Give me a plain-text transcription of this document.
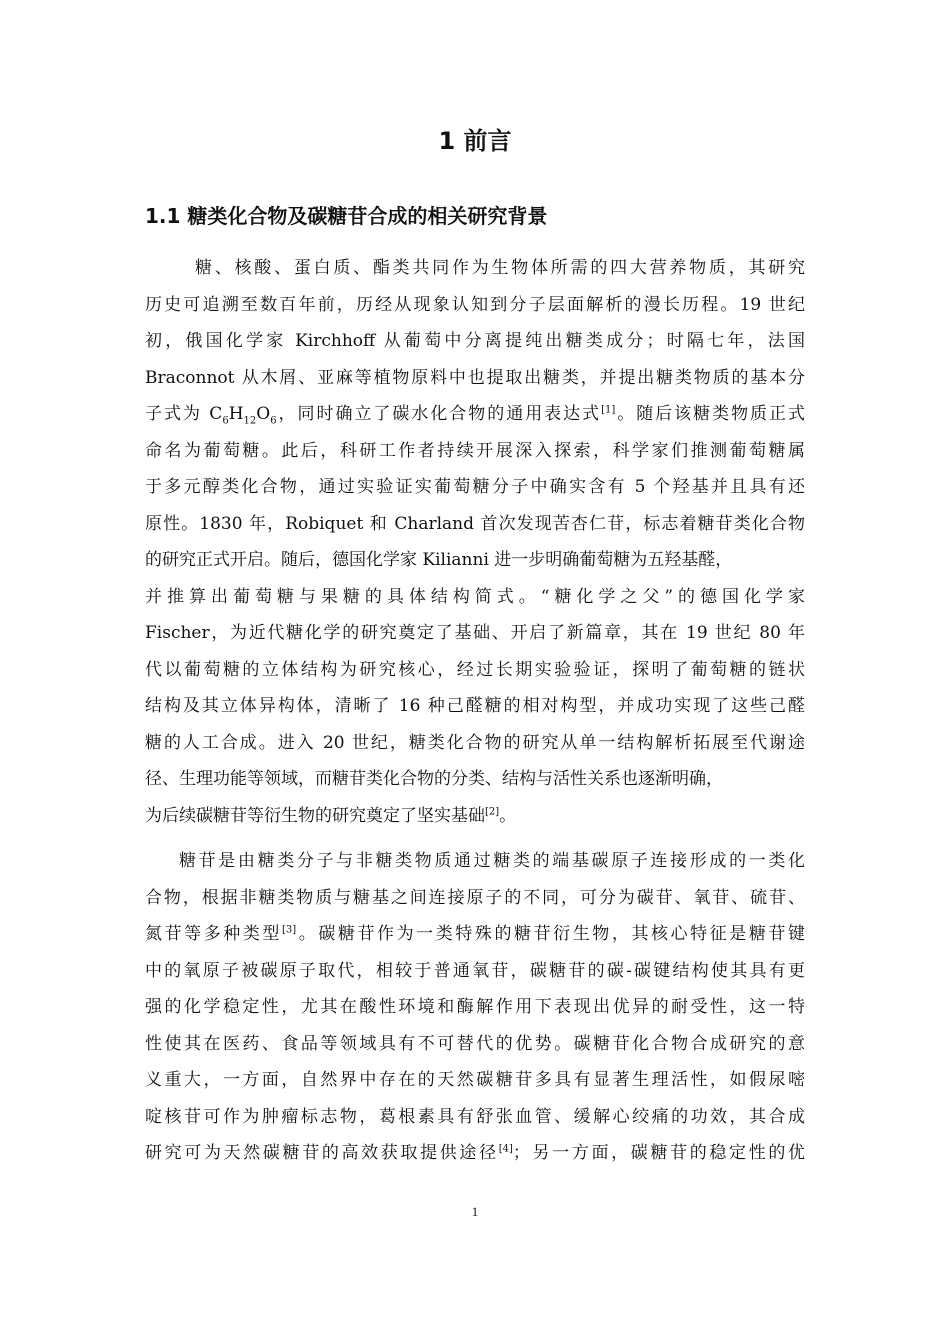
1 前言
1.1 糖类化合物及碳糖苷合成的相关研究背景
糖、核酸、蛋白质、酯类共同作为生物体所需的四大营养物质，其研究
历史可追溯至数百年前，历经从现象认知到分子层面解析的漫长历程。19 世纪
初，俄国化学家 Kirchhoff 从葡萄中分离提纯出糖类成分；时隔七年，法国
Braconnot 从木屑、亚麻等植物原料中也提取出糖类，并提出糖类物质的基本分
子式为 $C_6H_{12}O_6$，同时确立了碳水化合物的通用表达式[1]。随后该糖类物质正式
命名为葡萄糖。此后，科研工作者持续开展深入探索，科学家们推测葡萄糖属
于多元醇类化合物，通过实验证实葡萄糖分子中确实含有 5 个羟基并且具有还
原性。1830 年，Robiquet 和 Charland 首次发现苦杏仁苷，标志着糖苷类化合物
的研究正式开启。随后，德国化学家 Kilianni 进一步明确葡萄糖为五羟基醛，
并推算出葡萄糖与果糖的具体结构简式。“糖化学之父”的德国化学家
Fischer，为近代糖化学的研究奠定了基础、开启了新篇章，其在 19 世纪 80 年
代以葡萄糖的立体结构为研究核心，经过长期实验验证，探明了葡萄糖的链状
结构及其立体异构体，清晰了 16 种己醛糖的相对构型，并成功实现了这些己醛
糖的人工合成。进入 20 世纪，糖类化合物的研究从单一结构解析拓展至代谢途
径、生理功能等领域，而糖苷类化合物的分类、结构与活性关系也逐渐明确，
为后续碳糖苷等衍生物的研究奠定了坚实基础[2]。
糖苷是由糖类分子与非糖类物质通过糖类的端基碳原子连接形成的一类化
合物，根据非糖类物质与糖基之间连接原子的不同，可分为碳苷、氧苷、硫苷、
氮苷等多种类型[3]。碳糖苷作为一类特殊的糖苷衍生物，其核心特征是糖苷键
中的氧原子被碳原子取代，相较于普通氧苷，碳糖苷的碳-碳键结构使其具有更
强的化学稳定性，尤其在酸性环境和酶解作用下表现出优异的耐受性，这一特
性使其在医药、食品等领域具有不可替代的优势。碳糖苷化合物合成研究的意
义重大，一方面，自然界中存在的天然碳糖苷多具有显著生理活性，如假尿嘧
啶核苷可作为肿瘤标志物，葛根素具有舒张血管、缓解心绞痛的功效，其合成
研究可为天然碳糖苷的高效获取提供途径[4]；另一方面，碳糖苷的稳定性的优
1
